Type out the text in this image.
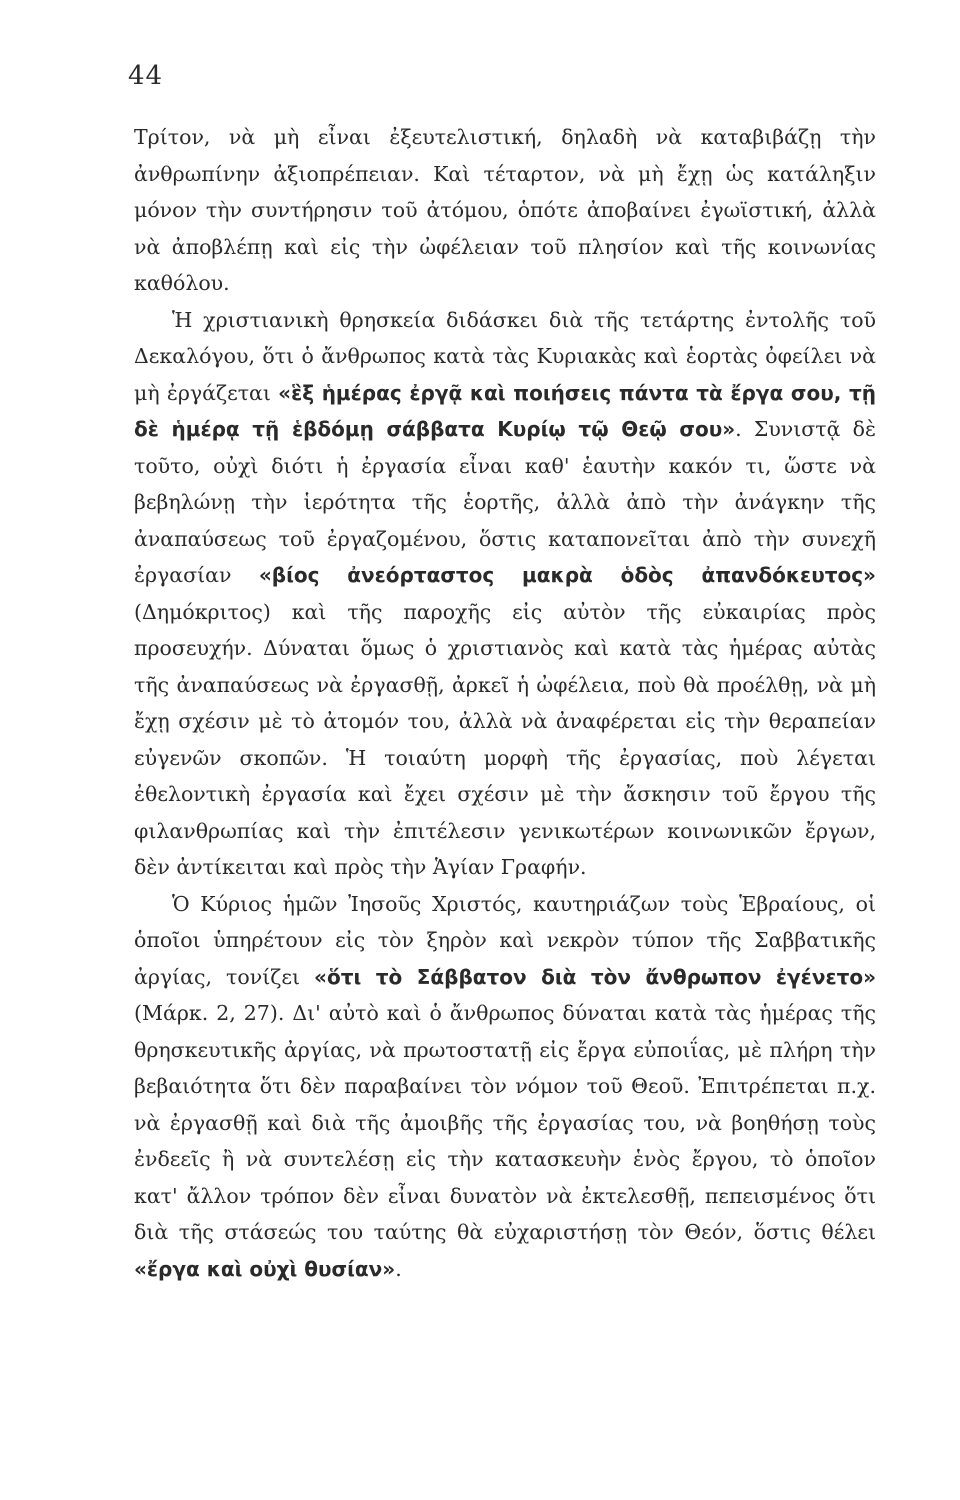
44

Τρίτον, νὰ μὴ εἶναι ἐξευτελιστική, δηλαδὴ νὰ καταβιβάζῃ τὴν ἀνθρωπίνην ἀξιοπρέπειαν. Καὶ τέταρτον, νὰ μὴ ἔχῃ ὡς κατάληξιν μόνον τὴν συντήρησιν τοῦ ἀτόμου, ὁπότε ἀποβαίνει ἐγωϊστική, ἀλλὰ νὰ ἀποβλέπῃ καὶ εἰς τὴν ὠφέλειαν τοῦ πλησίον καὶ τῆς κοινωνίας καθόλου.

Ἡ χριστιανικὴ θρησκεία διδάσκει διὰ τῆς τετάρτης ἐντολῆς τοῦ Δεκαλόγου, ὅτι ὁ ἄνθρωπος κατὰ τὰς Κυριακὰς καὶ ἑορτὰς ὀφείλει νὰ μὴ ἐργάζεται «ἓξ ἡμέρας ἐργᾷ καὶ ποιήσεις πάντα τὰ ἔργα σου, τῇ δὲ ἡμέρᾳ τῇ ἑβδόμῃ σάββατα Κυρίῳ τῷ Θεῷ σου». Συνιστᾷ δὲ τοῦτο, οὐχὶ διότι ἡ ἐργασία εἶναι καθ' ἑαυτὴν κακόν τι, ὥστε νὰ βεβηλώνῃ τὴν ἱερότητα τῆς ἑορτῆς, ἀλλὰ ἀπὸ τὴν ἀνάγκην τῆς ἀναπαύσεως τοῦ ἐργαζομένου, ὅστις καταπονεῖται ἀπὸ τὴν συνεχῆ ἐργασίαν «βίος ἀνεόρταστος μακρὰ ὁδὸς ἀπανδόκευτος» (Δημόκριτος) καὶ τῆς παροχῆς εἰς αὐτὸν τῆς εὐκαιρίας πρὸς προσευχήν. Δύναται ὅμως ὁ χριστιανὸς καὶ κατὰ τὰς ἡμέρας αὐτὰς τῆς ἀναπαύσεως νὰ ἐργασθῇ, ἀρκεῖ ἡ ὠφέλεια, ποὺ θὰ προέλθῃ, νὰ μὴ ἔχῃ σχέσιν μὲ τὸ ἀτομόν του, ἀλλὰ νὰ ἀναφέρεται εἰς τὴν θεραπείαν εὐγενῶν σκοπῶν. Ἡ τοιαύτη μορφὴ τῆς ἐργασίας, ποὺ λέγεται ἐθελοντικὴ ἐργασία καὶ ἔχει σχέσιν μὲ τὴν ἄσκησιν τοῦ ἔργου τῆς φιλανθρωπίας καὶ τὴν ἐπιτέλεσιν γενικωτέρων κοινωνικῶν ἔργων, δὲν ἀντίκειται καὶ πρὸς τὴν Ἁγίαν Γραφήν.

Ὁ Κύριος ἡμῶν Ἰησοῦς Χριστός, καυτηριάζων τοὺς Ἑβραίους, οἱ ὁποῖοι ὑπηρέτουν εἰς τὸν ξηρὸν καὶ νεκρὸν τύπον τῆς Σαββατικῆς ἀργίας, τονίζει «ὅτι τὸ Σάββατον διὰ τὸν ἄνθρωπον ἐγένετο» (Μάρκ. 2, 27). Δι' αὐτὸ καὶ ὁ ἄνθρωπος δύναται κατὰ τὰς ἡμέρας τῆς θρησκευτικῆς ἀργίας, νὰ πρωτοστατῇ εἰς ἔργα εὐποιΐας, μὲ πλήρη τὴν βεβαιότητα ὅτι δὲν παραβαίνει τὸν νόμον τοῦ Θεοῦ. Ἐπιτρέπεται π.χ. νὰ ἐργασθῇ καὶ διὰ τῆς ἀμοιβῆς τῆς ἐργασίας του, νὰ βοηθήσῃ τοὺς ἐνδεεῖς ἢ νὰ συντελέσῃ εἰς τὴν κατασκευὴν ἑνὸς ἔργου, τὸ ὁποῖον κατ' ἄλλον τρόπον δὲν εἶναι δυνατὸν νὰ ἐκτελεσθῇ, πεπεισμένος ὅτι διὰ τῆς στάσεώς του ταύτης θὰ εὐχαριστήσῃ τὸν Θεόν, ὅστις θέλει «ἔργα καὶ οὐχὶ θυσίαν».
